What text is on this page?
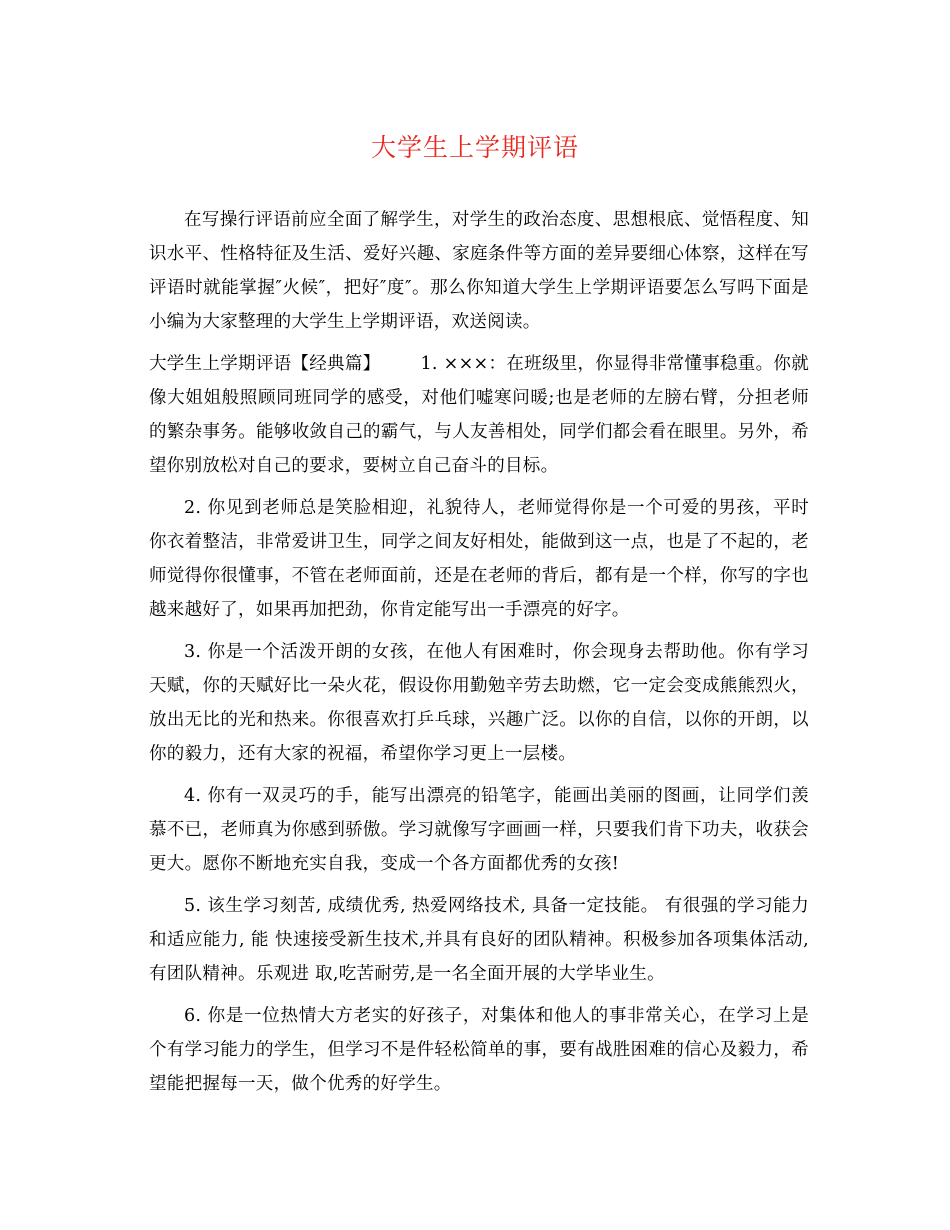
大学生上学期评语

在写操行评语前应全面了解学生，对学生的政治态度、思想根底、觉悟程度、知识水平、性格特征及生活、爱好兴趣、家庭条件等方面的差异要细心体察，这样在写评语时就能掌握″火候″，把好″度″。那么你知道大学生上学期评语要怎么写吗下面是小编为大家整理的大学生上学期评语，欢送阅读。

大学生上学期评语【经典篇】 1. ×××：在班级里，你显得非常懂事稳重。你就像大姐姐般照顾同班同学的感受，对他们嘘寒问暖;也是老师的左膀右臂，分担老师的繁杂事务。能够收敛自己的霸气，与人友善相处，同学们都会看在眼里。另外，希望你别放松对自己的要求，要树立自己奋斗的目标。

2. 你见到老师总是笑脸相迎，礼貌待人，老师觉得你是一个可爱的男孩，平时你衣着整洁，非常爱讲卫生，同学之间友好相处，能做到这一点，也是了不起的，老师觉得你很懂事，不管在老师面前，还是在老师的背后，都有是一个样，你写的字也越来越好了，如果再加把劲，你肯定能写出一手漂亮的好字。

3. 你是一个活泼开朗的女孩，在他人有困难时，你会现身去帮助他。你有学习天赋，你的天赋好比一朵火花，假设你用勤勉辛劳去助燃，它一定会变成熊熊烈火，放出无比的光和热来。你很喜欢打乒乓球，兴趣广泛。以你的自信，以你的开朗，以你的毅力，还有大家的祝福，希望你学习更上一层楼。

4. 你有一双灵巧的手，能写出漂亮的铅笔字，能画出美丽的图画，让同学们羡慕不已，老师真为你感到骄傲。学习就像写字画画一样，只要我们肯下功夫，收获会更大。愿你不断地充实自我，变成一个各方面都优秀的女孩!

5. 该生学习刻苦, 成绩优秀, 热爱网络技术, 具备一定技能。 有很强的学习能力和适应能力, 能 快速接受新生技术,并具有良好的团队精神。积极参加各项集体活动,有团队精神。乐观进 取,吃苦耐劳,是一名全面开展的大学毕业生。

6. 你是一位热情大方老实的好孩子，对集体和他人的事非常关心，在学习上是个有学习能力的学生，但学习不是件轻松简单的事，要有战胜困难的信心及毅力，希望能把握每一天，做个优秀的好学生。
